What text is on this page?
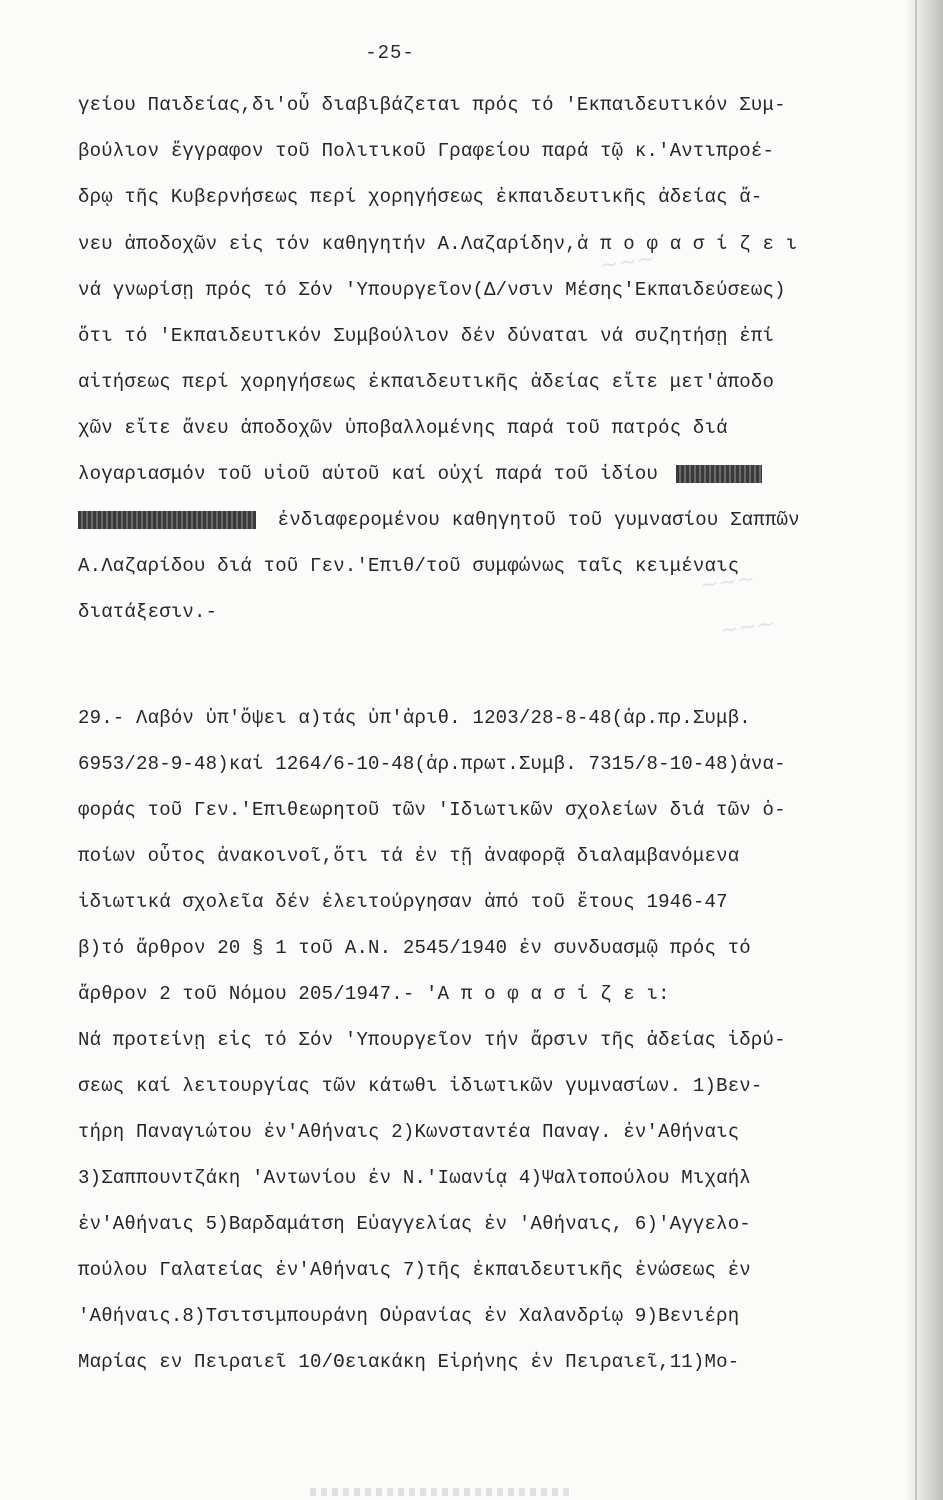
~~~
~~~
~~~
-25-
γείου Παιδείας,δι'οὗ διαβιβάζεται πρός τό 'Εκπαιδευτικόν Συμ-
βούλιον ἔγγραφον τοῦ Πολιτικοῦ Γραφείου παρά τῷ κ.'Αντιπροέ-
δρῳ τῆς Κυβερνήσεως περί χορηγήσεως ἐκπαιδευτικῆς ἀδείας ἄ-
νευ ἀποδοχῶν εἰς τόν καθηγητήν Α.Λαζαρίδην,ἀ π ο φ α σ ί ζ ε ι
νά γνωρίσῃ πρός τό Σόν 'Υπουργεῖον(Δ/νσιν Μέσης'Εκπαιδεύσεως)
ὅτι τό 'Εκπαιδευτικόν Συμβούλιον δέν δύναται νά συζητήσῃ ἐπί
αἰτήσεως περί χορηγήσεως ἐκπαιδευτικῆς ἀδείας εἴτε μετ'ἀποδο
χῶν εἴτε ἄνευ ἀποδοχῶν ὑποβαλλομένης παρά τοῦ πατρός διά
λογαριασμόν τοῦ υἱοῦ αὐτοῦ καί οὐχί παρά τοῦ ἰδίου
ἐνδιαφερομένου καθηγητοῦ τοῦ γυμνασίου Σαππῶν
Α.Λαζαρίδου διά τοῦ Γεν.'Επιθ/τοῦ συμφώνως ταῖς κειμέναις
διατάξεσιν.-
29.- Λαβόν ὑπ'ὄψει α)τάς ὑπ'ἀριθ. 1203/28-8-48(ἀρ.πρ.Συμβ.
6953/28-9-48)καί 1264/6-10-48(ἀρ.πρωτ.Συμβ. 7315/8-10-48)ἀνα-
φοράς τοῦ Γεν.'Επιθεωρητοῦ τῶν 'Ιδιωτικῶν σχολείων διά τῶν ὁ-
ποίων οὗτος ἀνακοινοῖ,ὅτι τά ἐν τῇ ἀναφορᾷ διαλαμβανόμενα
ἰδιωτικά σχολεῖα δέν ἐλειτούργησαν ἀπό τοῦ ἔτους 1946-47
β)τό ἄρθρον 20 § 1 τοῦ Α.Ν. 2545/1940 ἐν συνδυασμῷ πρός τό
ἄρθρον 2 τοῦ Νόμου 205/1947.- 'Α π ο φ α σ ί ζ ε ι:
Νά προτείνῃ εἰς τό Σόν 'Υπουργεῖον τήν ἄρσιν τῆς ἀδείας ἱδρύ-
σεως καί λειτουργίας τῶν κάτωθι ἰδιωτικῶν γυμνασίων. 1)Βεν-
τήρη Παναγιώτου ἐν'Αθήναις 2)Κωνσταντέα Παναγ. ἐν'Αθήναις
3)Σαππουντζάκη 'Αντωνίου ἐν Ν.'Ιωανίᾳ 4)Ψαλτοπούλου Μιχαήλ
ἐν'Αθήναις 5)Βαρδαμάτση Εὐαγγελίας ἐν 'Αθήναις, 6)'Αγγελο-
πούλου Γαλατείας ἐν'Αθήναις 7)τῆς ἐκπαιδευτικῆς ἑνώσεως ἐν
'Αθήναις.8)Τσιτσιμπουράνη Οὐρανίας ἐν Χαλανδρίῳ 9)Βενιέρη
Μαρίας εν Πειραιεῖ 10/Θειακάκη Εἰρήνης ἐν Πειραιεῖ,11)Μο-
